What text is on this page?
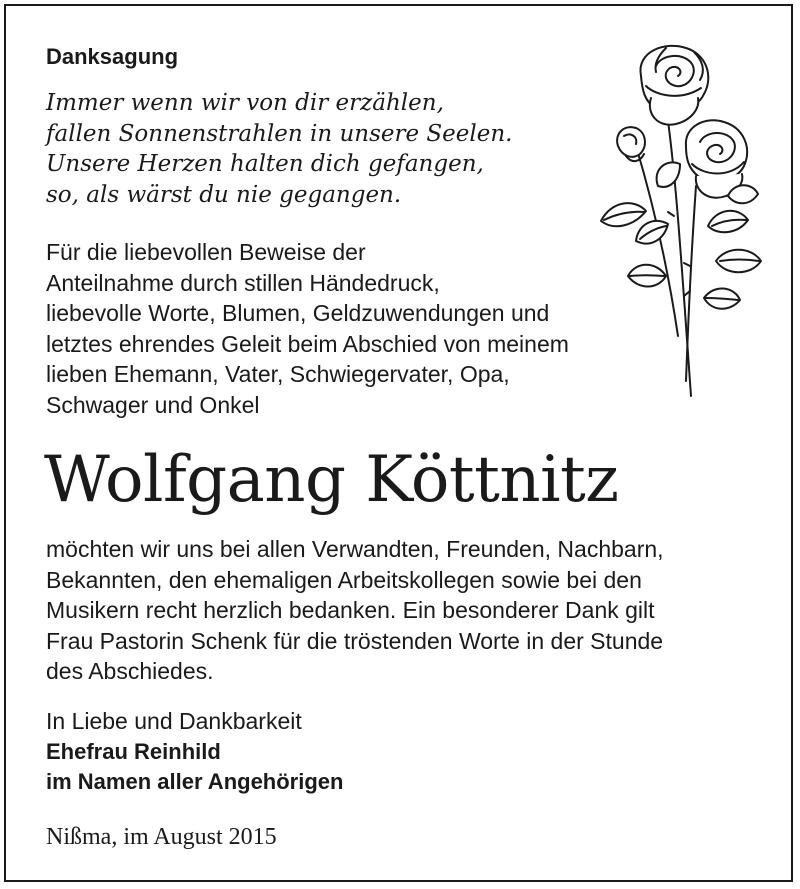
Danksagung
Immer wenn wir von dir erzählen,
fallen Sonnenstrahlen in unsere Seelen.
Unsere Herzen halten dich gefangen,
so, als wärst du nie gegangen.
Für die liebevollen Beweise der
Anteilnahme durch stillen Händedruck,
liebevolle Worte, Blumen, Geldzuwendungen und
letztes ehrendes Geleit beim Abschied von meinem
lieben Ehemann, Vater, Schwiegervater, Opa,
Schwager und Onkel
Wolfgang Köttnitz
möchten wir uns bei allen Verwandten, Freunden, Nachbarn,
Bekannten, den ehemaligen Arbeitskollegen sowie bei den
Musikern recht herzlich bedanken. Ein besonderer Dank gilt
Frau Pastorin Schenk für die tröstenden Worte in der Stunde
des Abschiedes.
In Liebe und Dankbarkeit
Ehefrau Reinhild
im Namen aller Angehörigen
Nißma, im August 2015
